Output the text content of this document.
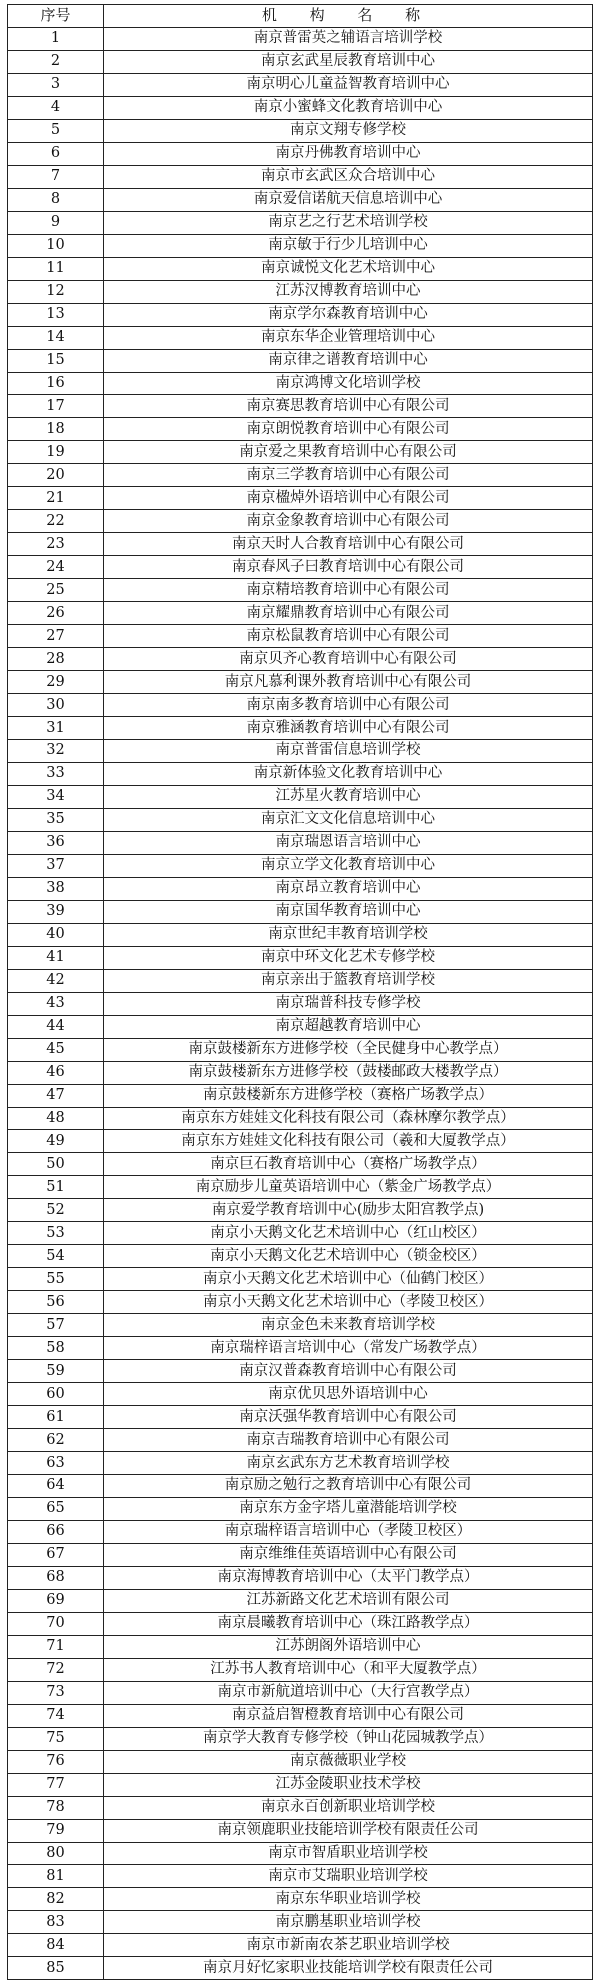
序号	机 构 名 称
1	南京普雷英之辅语言培训学校
2	南京玄武星辰教育培训中心
3	南京明心儿童益智教育培训中心
4	南京小蜜蜂文化教育培训中心
5	南京文翔专修学校
6	南京丹佛教育培训中心
7	南京市玄武区众合培训中心
8	南京爱信诺航天信息培训中心
9	南京艺之行艺术培训学校
10	南京敏于行少儿培训中心
11	南京诚悦文化艺术培训中心
12	江苏汉博教育培训中心
13	南京学尔森教育培训中心
14	南京东华企业管理培训中心
15	南京律之谱教育培训中心
16	南京鸿博文化培训学校
17	南京赛思教育培训中心有限公司
18	南京朗悦教育培训中心有限公司
19	南京爱之果教育培训中心有限公司
20	南京三学教育培训中心有限公司
21	南京楹焯外语培训中心有限公司
22	南京金象教育培训中心有限公司
23	南京天时人合教育培训中心有限公司
24	南京春风子曰教育培训中心有限公司
25	南京精培教育培训中心有限公司
26	南京耀鼎教育培训中心有限公司
27	南京松鼠教育培训中心有限公司
28	南京贝齐心教育培训中心有限公司
29	南京凡慕利课外教育培训中心有限公司
30	南京南多教育培训中心有限公司
31	南京雅涵教育培训中心有限公司
32	南京普雷信息培训学校
33	南京新体验文化教育培训中心
34	江苏星火教育培训中心
35	南京汇文文化信息培训中心
36	南京瑞恩语言培训中心
37	南京立学文化教育培训中心
38	南京昂立教育培训中心
39	南京国华教育培训中心
40	南京世纪丰教育培训学校
41	南京中环文化艺术专修学校
42	南京亲出于篮教育培训学校
43	南京瑞普科技专修学校
44	南京超越教育培训中心
45	南京鼓楼新东方进修学校（全民健身中心教学点）
46	南京鼓楼新东方进修学校（鼓楼邮政大楼教学点）
47	南京鼓楼新东方进修学校（赛格广场教学点）
48	南京东方娃娃文化科技有限公司（森林摩尔教学点）
49	南京东方娃娃文化科技有限公司（羲和大厦教学点）
50	南京巨石教育培训中心（赛格广场教学点）
51	南京励步儿童英语培训中心（紫金广场教学点）
52	南京爱学教育培训中心(励步太阳宫教学点)
53	南京小天鹅文化艺术培训中心（红山校区）
54	南京小天鹅文化艺术培训中心（锁金校区）
55	南京小天鹅文化艺术培训中心（仙鹤门校区）
56	南京小天鹅文化艺术培训中心（孝陵卫校区）
57	南京金色未来教育培训学校
58	南京瑞梓语言培训中心（常发广场教学点）
59	南京汉普森教育培训中心有限公司
60	南京优贝思外语培训中心
61	南京沃强华教育培训中心有限公司
62	南京吉瑞教育培训中心有限公司
63	南京玄武东方艺术教育培训学校
64	南京励之勉行之教育培训中心有限公司
65	南京东方金字塔儿童潜能培训学校
66	南京瑞梓语言培训中心（孝陵卫校区）
67	南京维维佳英语培训中心有限公司
68	南京海博教育培训中心（太平门教学点）
69	江苏新路文化艺术培训有限公司
70	南京晨曦教育培训中心（珠江路教学点）
71	江苏朗阁外语培训中心
72	江苏书人教育培训中心（和平大厦教学点）
73	南京市新航道培训中心（大行宫教学点）
74	南京益启智橙教育培训中心有限公司
75	南京学大教育专修学校（钟山花园城教学点）
76	南京薇薇职业学校
77	江苏金陵职业技术学校
78	南京永百创新职业培训学校
79	南京领鹿职业技能培训学校有限责任公司
80	南京市智盾职业培训学校
81	南京市艾瑞职业培训学校
82	南京东华职业培训学校
83	南京鹏基职业培训学校
84	南京市新南农茶艺职业培训学校
85	南京月好忆家职业技能培训学校有限责任公司
